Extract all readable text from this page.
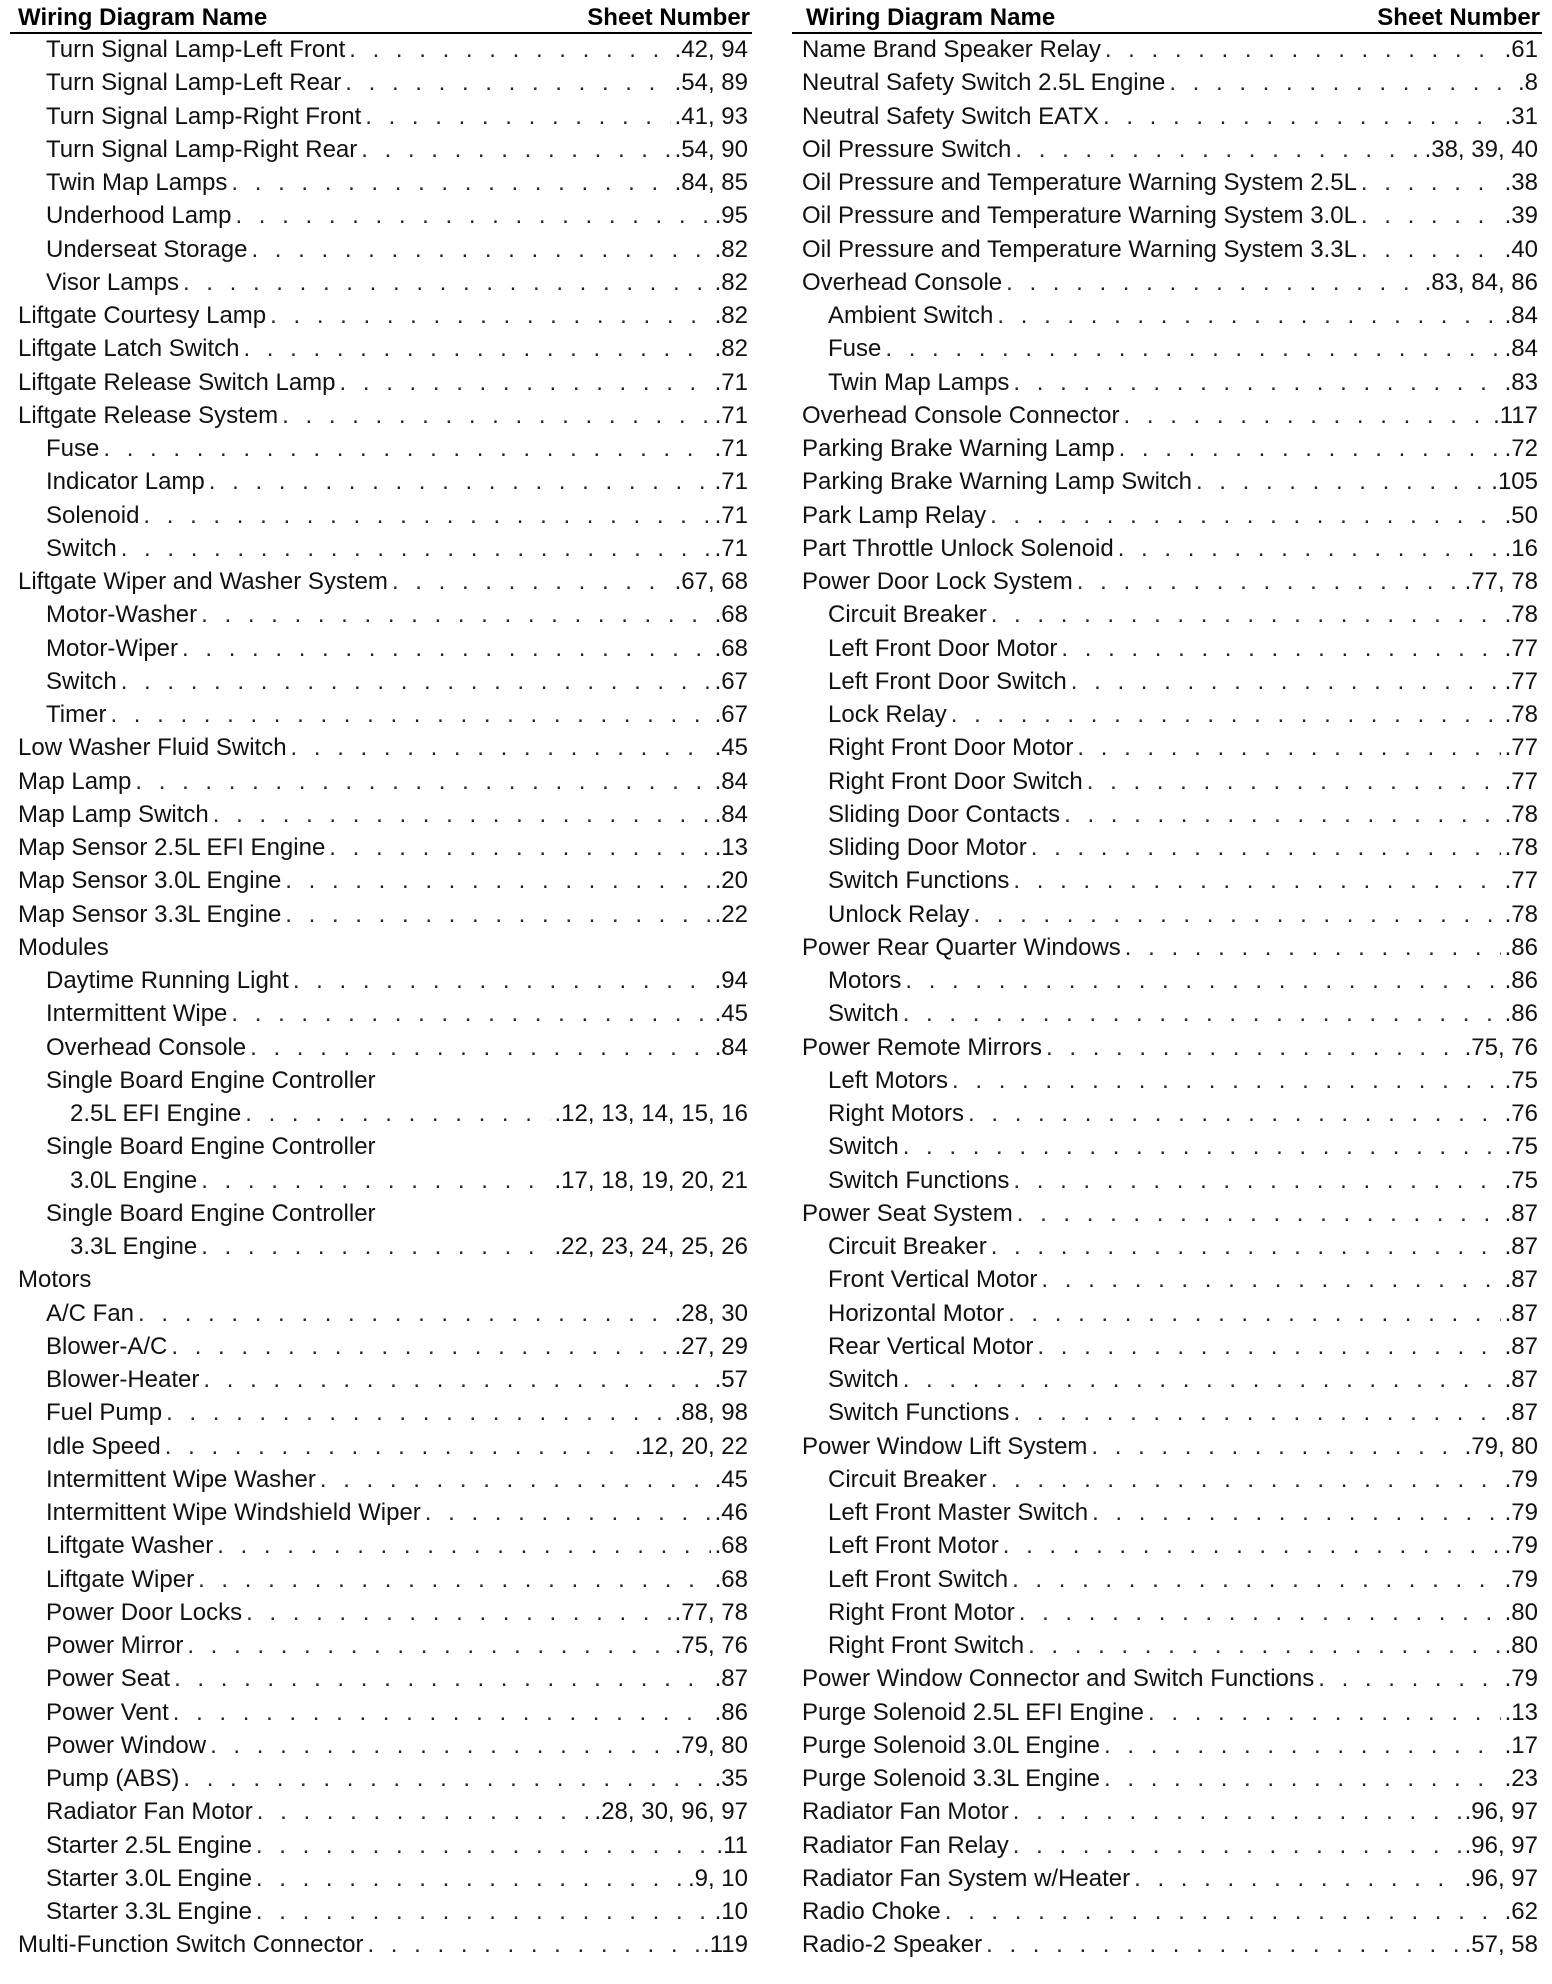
Wiring Diagram Name	Sheet Number
Turn Signal Lamp-Left Front . . .	.42, 94
Turn Signal Lamp-Left Rear . . .	.54, 89
Turn Signal Lamp-Right Front . . .	.41, 93
Turn Signal Lamp-Right Rear . . .	.54, 90
Twin Map Lamps . . .	.84, 85
Underhood Lamp . . .	.95
Underseat Storage . . .	.82
Visor Lamps . . .	.82
Liftgate Courtesy Lamp . . .	.82
Liftgate Latch Switch . . .	.82
Liftgate Release Switch Lamp . . .	.71
Liftgate Release System . . .	.71
Fuse . . .	.71
Indicator Lamp . . .	.71
Solenoid . . .	.71
Switch . . .	.71
Liftgate Wiper and Washer System . . .	.67, 68
Motor-Washer . . .	.68
Motor-Wiper . . .	.68
Switch . . .	.67
Timer . . .	.67
Low Washer Fluid Switch . . .	.45
Map Lamp . . .	.84
Map Lamp Switch . . .	.84
Map Sensor 2.5L EFI Engine . . .	.13
Map Sensor 3.0L Engine . . .	.20
Map Sensor 3.3L Engine . . .	.22
Modules
Daytime Running Light . . .	.94
Intermittent Wipe . . .	.45
Overhead Console . . .	.84
Single Board Engine Controller
2.5L EFI Engine . . .	.12, 13, 14, 15, 16
Single Board Engine Controller
3.0L Engine . . .	.17, 18, 19, 20, 21
Single Board Engine Controller
3.3L Engine . . .	.22, 23, 24, 25, 26
Motors
A/C Fan . . .	.28, 30
Blower-A/C . . .	.27, 29
Blower-Heater . . .	.57
Fuel Pump . . .	.88, 98
Idle Speed . . .	.12, 20, 22
Intermittent Wipe Washer . . .	.45
Intermittent Wipe Windshield Wiper . . .	.46
Liftgate Washer . . .	.68
Liftgate Wiper . . .	.68
Power Door Locks . . .	.77, 78
Power Mirror . . .	.75, 76
Power Seat . . .	.87
Power Vent . . .	.86
Power Window . . .	.79, 80
Pump (ABS) . . .	.35
Radiator Fan Motor . . .	.28, 30, 96, 97
Starter 2.5L Engine . . .	.11
Starter 3.0L Engine . . .	.9, 10
Starter 3.3L Engine . . .	.10
Multi-Function Switch Connector . . .	.119
Wiring Diagram Name	Sheet Number
Name Brand Speaker Relay . . .	.61
Neutral Safety Switch 2.5L Engine . . .	.8
Neutral Safety Switch EATX . . .	.31
Oil Pressure Switch . . .	.38, 39, 40
Oil Pressure and Temperature Warning System 2.5L . . .	.38
Oil Pressure and Temperature Warning System 3.0L . . .	.39
Oil Pressure and Temperature Warning System 3.3L . . .	.40
Overhead Console . . .	.83, 84, 86
Ambient Switch . . .	.84
Fuse . . .	.84
Twin Map Lamps . . .	.83
Overhead Console Connector . . .	.117
Parking Brake Warning Lamp . . .	.72
Parking Brake Warning Lamp Switch . . .	.105
Park Lamp Relay . . .	.50
Part Throttle Unlock Solenoid . . .	.16
Power Door Lock System . . .	.77, 78
Circuit Breaker . . .	.78
Left Front Door Motor . . .	.77
Left Front Door Switch . . .	.77
Lock Relay . . .	.78
Right Front Door Motor . . .	.77
Right Front Door Switch . . .	.77
Sliding Door Contacts . . .	.78
Sliding Door Motor . . .	.78
Switch Functions . . .	.77
Unlock Relay . . .	.78
Power Rear Quarter Windows . . .	.86
Motors . . .	.86
Switch . . .	.86
Power Remote Mirrors . . .	.75, 76
Left Motors . . .	.75
Right Motors . . .	.76
Switch . . .	.75
Switch Functions . . .	.75
Power Seat System . . .	.87
Circuit Breaker . . .	.87
Front Vertical Motor . . .	.87
Horizontal Motor . . .	.87
Rear Vertical Motor . . .	.87
Switch . . .	.87
Switch Functions . . .	.87
Power Window Lift System . . .	.79, 80
Circuit Breaker . . .	.79
Left Front Master Switch . . .	.79
Left Front Motor . . .	.79
Left Front Switch . . .	.79
Right Front Motor . . .	.80
Right Front Switch . . .	.80
Power Window Connector and Switch Functions . . .	.79
Purge Solenoid 2.5L EFI Engine . . .	.13
Purge Solenoid 3.0L Engine . . .	.17
Purge Solenoid 3.3L Engine . . .	.23
Radiator Fan Motor . . .	.96, 97
Radiator Fan Relay . . .	.96, 97
Radiator Fan System w/Heater . . .	.96, 97
Radio Choke . . .	.62
Radio-2 Speaker . . .	.57, 58
